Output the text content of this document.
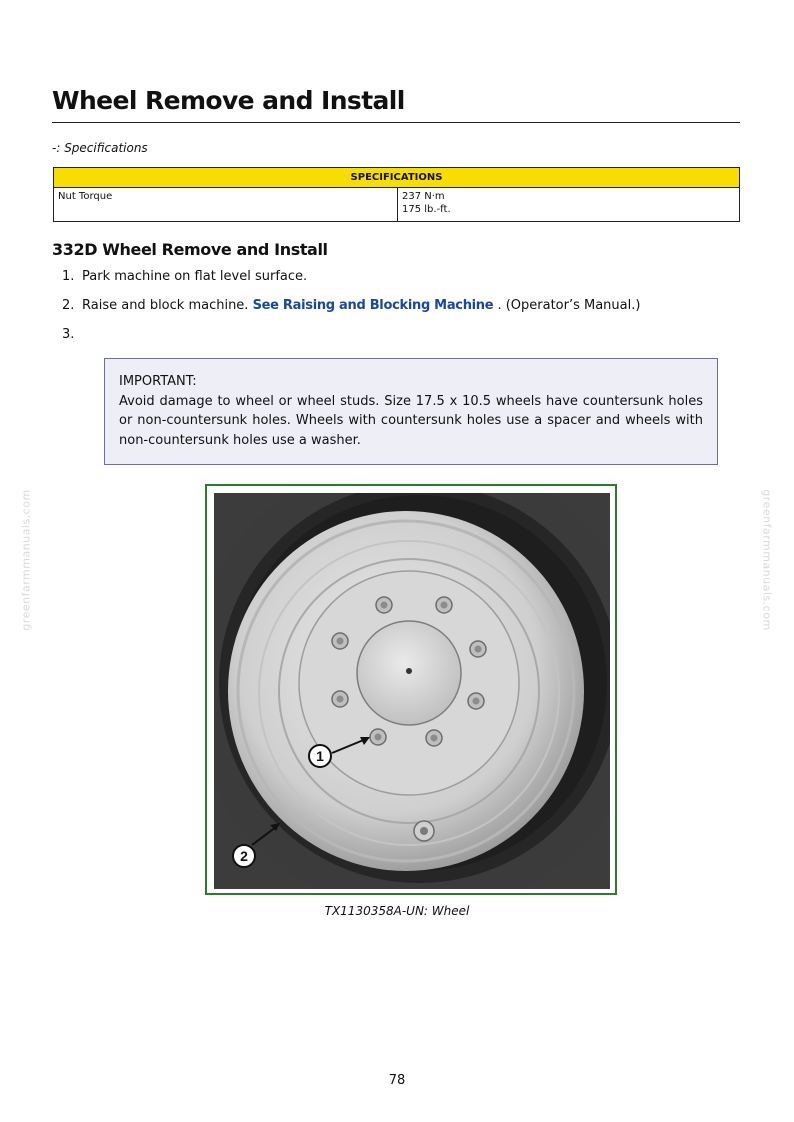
Wheel Remove and Install
-: Specifications
SPECIFICATIONS
Nut Torque	237 N·m
175 lb.-ft.
332D Wheel Remove and Install
1. Park machine on flat level surface.
2. Raise and block machine. See Raising and Blocking Machine . (Operator’s Manual.)
3.
IMPORTANT:
Avoid damage to wheel or wheel studs. Size 17.5 x 10.5 wheels have countersunk holes or non-countersunk holes. Wheels with countersunk holes use a spacer and wheels with non-countersunk holes use a washer.
1
2
TX1130358A-UN: Wheel
greenfarmmanuals.com	greenfarmmanuals.com
78
